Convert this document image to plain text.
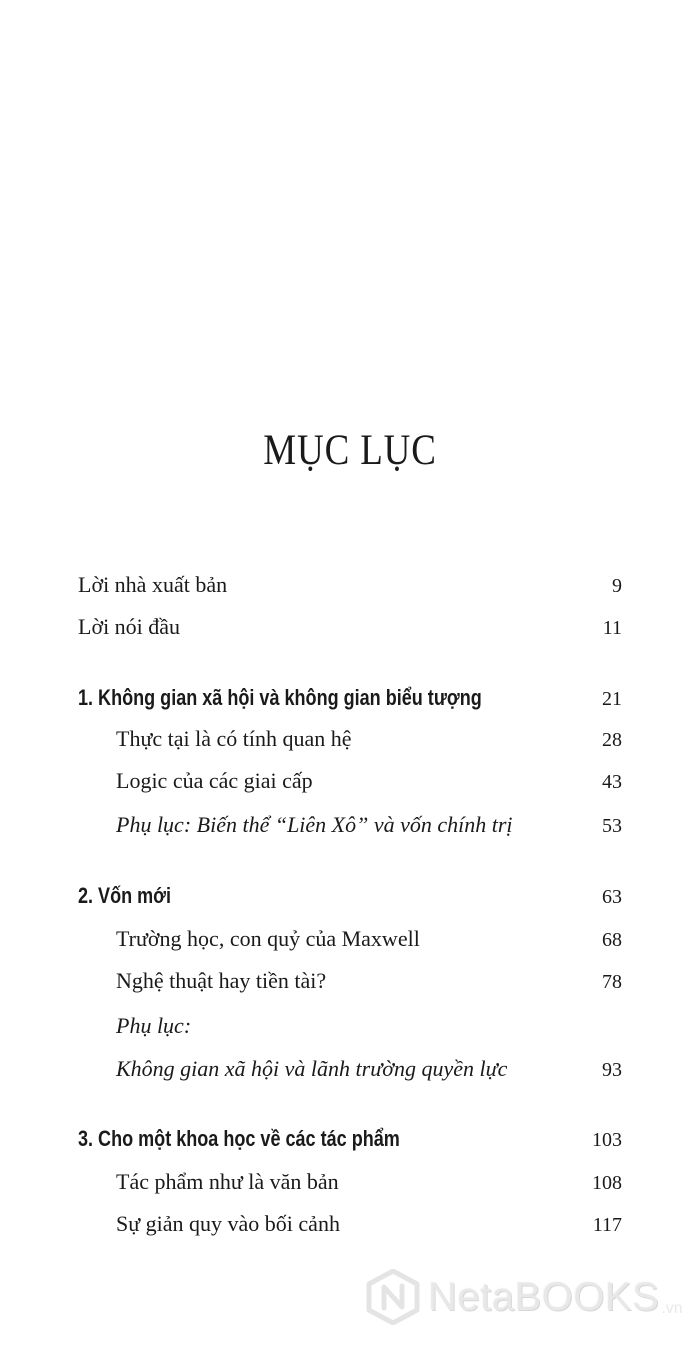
MỤC LỤC
Lời nhà xuất bản	9
Lời nói đầu	11
1. Không gian xã hội và không gian biểu tượng	21
Thực tại là có tính quan hệ	28
Logic của các giai cấp	43
Phụ lục: Biến thể “Liên Xô” và vốn chính trị	53
2. Vốn mới	63
Trường học, con quỷ của Maxwell	68
Nghệ thuật hay tiền tài?	78
Phụ lục:
Không gian xã hội và lãnh trường quyền lực	93
3. Cho một khoa học về các tác phẩm	103
Tác phẩm như là văn bản	108
Sự giản quy vào bối cảnh	117
NetaBOOKS .vn
